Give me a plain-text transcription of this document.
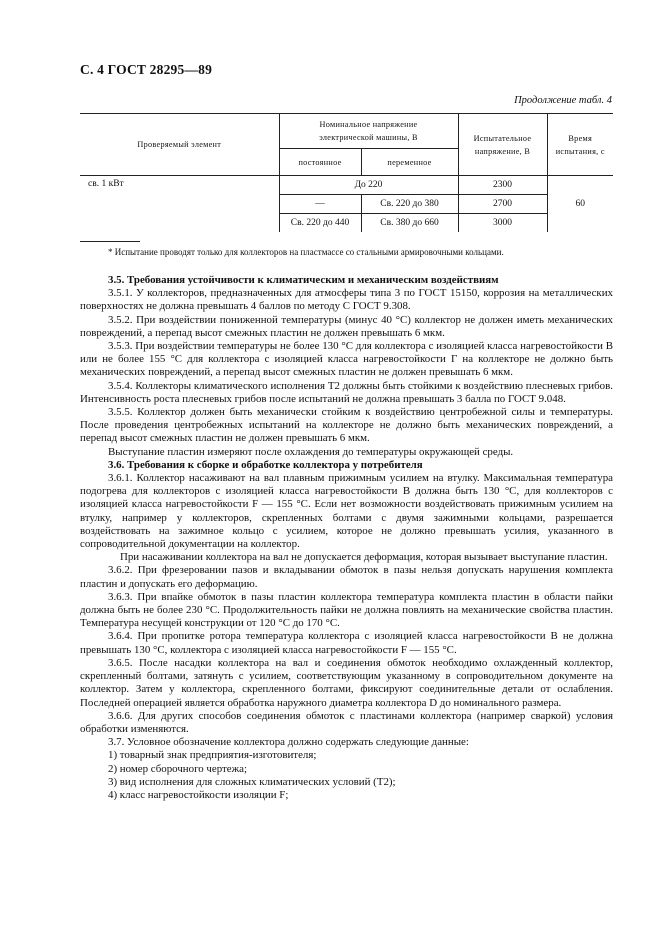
С. 4 ГОСТ 28295—89
Продолжение табл. 4
Проверяемый элемент	Номинальное напряжение электрической машины, В		Испытательное напряжение, В	Время испытания, с
	постоянное	переменное		
св. 1 кВт	До 220		2300	60
	—	Св. 220 до 380	2700	
	Св. 220 до 440	Св. 380 до 660	3000	
* Испытание проводят только для коллекторов на пластмассе со стальными армировочными кольцами.

3.5. Требования устойчивости к климатическим и механическим воздействиям

3.5.1. У коллекторов, предназначенных для атмосферы типа 3 по ГОСТ 15150, коррозия на металлических поверхностях не должна превышать 4 баллов по методу С ГОСТ 9.308.

3.5.2. При воздействии пониженной температуры (минус 40 °С) коллектор не должен иметь механических повреждений, а перепад высот смежных пластин не должен превышать 6 мкм.

3.5.3. При воздействии температуры не более 130 °С для коллектора с изоляцией класса нагревостойкости В или не более 155 °С для коллектора с изоляцией класса нагревостойкости Г на коллекторе не должно быть механических повреждений, а перепад высот смежных пластин не должен превышать 6 мкм.

3.5.4. Коллекторы климатического исполнения Т2 должны быть стойкими к воздействию плесневых грибов. Интенсивность роста плесневых грибов после испытаний не должна превышать 3 балла по ГОСТ 9.048.

3.5.5. Коллектор должен быть механически стойким к воздействию центробежной силы и температуры. После проведения центробежных испытаний на коллекторе не должно быть механических повреждений, а перепад высот смежных пластин не должен превышать 6 мкм.

Выступание пластин измеряют после охлаждения до температуры окружающей среды.

3.6. Требования к сборке и обработке коллектора у потребителя

3.6.1. Коллектор насаживают на вал плавным прижимным усилием на втулку. Максимальная температура подогрева для коллекторов с изоляцией класса нагревостойкости В должна быть 130 °С, для коллекторов с изоляцией класса нагревостойкости F — 155 °С. Если нет возможности воздействовать прижимным усилием на втулку, например у коллекторов, скрепленных болтами с двумя зажимными кольцами, разрешается воздействовать на зажимное кольцо с усилием, которое не должно превышать усилия, указанного в сопроводительной документации на коллектор.

При насаживании коллектора на вал не допускается деформация, которая вызывает выступание пластин.

3.6.2. При фрезеровании пазов и вкладывании обмоток в пазы нельзя допускать нарушения комплекта пластин и допускать его деформацию.

3.6.3. При впайке обмоток в пазы пластин коллектора температура комплекта пластин в области пайки должна быть не более 230 °С. Продолжительность пайки не должна повлиять на механические свойства пластин. Температура несущей конструкции от 120 °С до 170 °С.

3.6.4. При пропитке ротора температура коллектора с изоляцией класса нагревостойкости В не должна превышать 130 °С, коллектора с изоляцией класса нагревостойкости F — 155 °С.

3.6.5. После насадки коллектора на вал и соединения обмоток необходимо охлажденный коллектор, скрепленный болтами, затянуть с усилием, соответствующим указанному в сопроводительном документе на коллектор. Затем у коллектора, скрепленного болтами, фиксируют соединительные детали от ослабления. Последней операцией является обработка наружного диаметра коллектора D до номинального размера.

3.6.6. Для других способов соединения обмоток с пластинами коллектора (например сваркой) условия обработки изменяются.

3.7. Условное обозначение коллектора должно содержать следующие данные:

1) товарный знак предприятия-изготовителя;

2) номер сборочного чертежа;

3) вид исполнения для сложных климатических условий (Т2);

4) класс нагревостойкости изоляции F;
